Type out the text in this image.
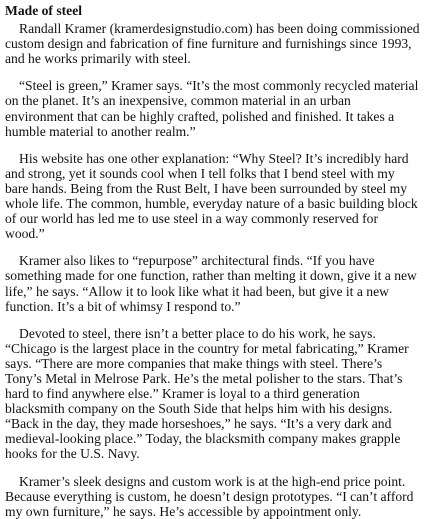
Made of steel

Randall Kramer (kramerdesignstudio.com) has been doing commissioned custom design and fabrication of fine furniture and furnishings since 1993, and he works primarily with steel.

“Steel is green,” Kramer says. “It’s the most commonly recycled material on the planet. It’s an inexpensive, common material in an urban environment that can be highly crafted, polished and finished. It takes a humble material to another realm.”

His website has one other explanation: “Why Steel? It’s incredibly hard and strong, yet it sounds cool when I tell folks that I bend steel with my bare hands. Being from the Rust Belt, I have been surrounded by steel my whole life. The common, humble, everyday nature of a basic building block of our world has led me to use steel in a way commonly reserved for wood.”

Kramer also likes to “repurpose” architectural finds. “If you have something made for one function, rather than melting it down, give it a new life,” he says. “Allow it to look like what it had been, but give it a new function. It’s a bit of whimsy I respond to.”

Devoted to steel, there isn’t a better place to do his work, he says. “Chicago is the largest place in the country for metal fabricating,” Kramer says. “There are more companies that make things with steel. There’s Tony’s Metal in Melrose Park. He’s the metal polisher to the stars. That’s hard to find anywhere else.” Kramer is loyal to a third generation blacksmith company on the South Side that helps him with his designs. “Back in the day, they made horseshoes,” he says. “It’s a very dark and medieval-looking place.” Today, the blacksmith company makes grapple hooks for the U.S. Navy.

Kramer’s sleek designs and custom work is at the high-end price point. Because everything is custom, he doesn’t design prototypes. “I can’t afford my own furniture,” he says. He’s accessible by appointment only.
